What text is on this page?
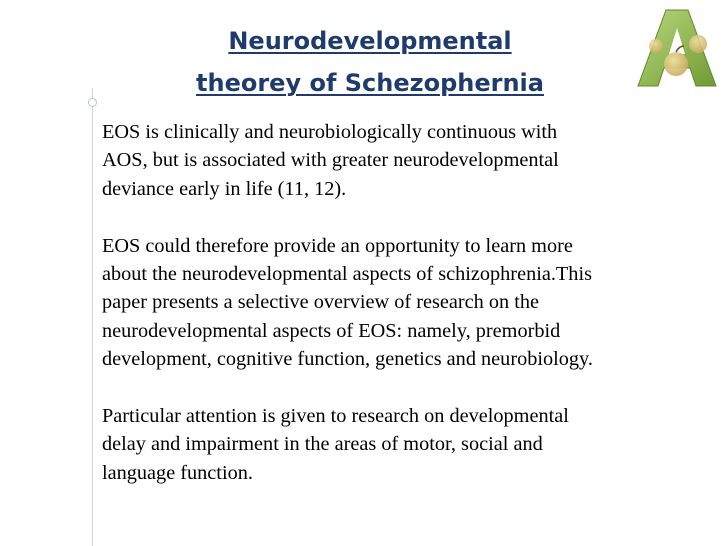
Neurodevelopmental
theorey of Schezophernia

EOS is clinically and neurobiologically continuous with
AOS, but is associated with greater neurodevelopmental
deviance early in life (11, 12).

EOS could therefore provide an opportunity to learn more
about the neurodevelopmental aspects of schizophrenia.This
paper presents a selective overview of research on the
neurodevelopmental aspects of EOS: namely, premorbid
development, cognitive function, genetics and neurobiology.

Particular attention is given to research on developmental
delay and impairment in the areas of motor, social and
language function.
